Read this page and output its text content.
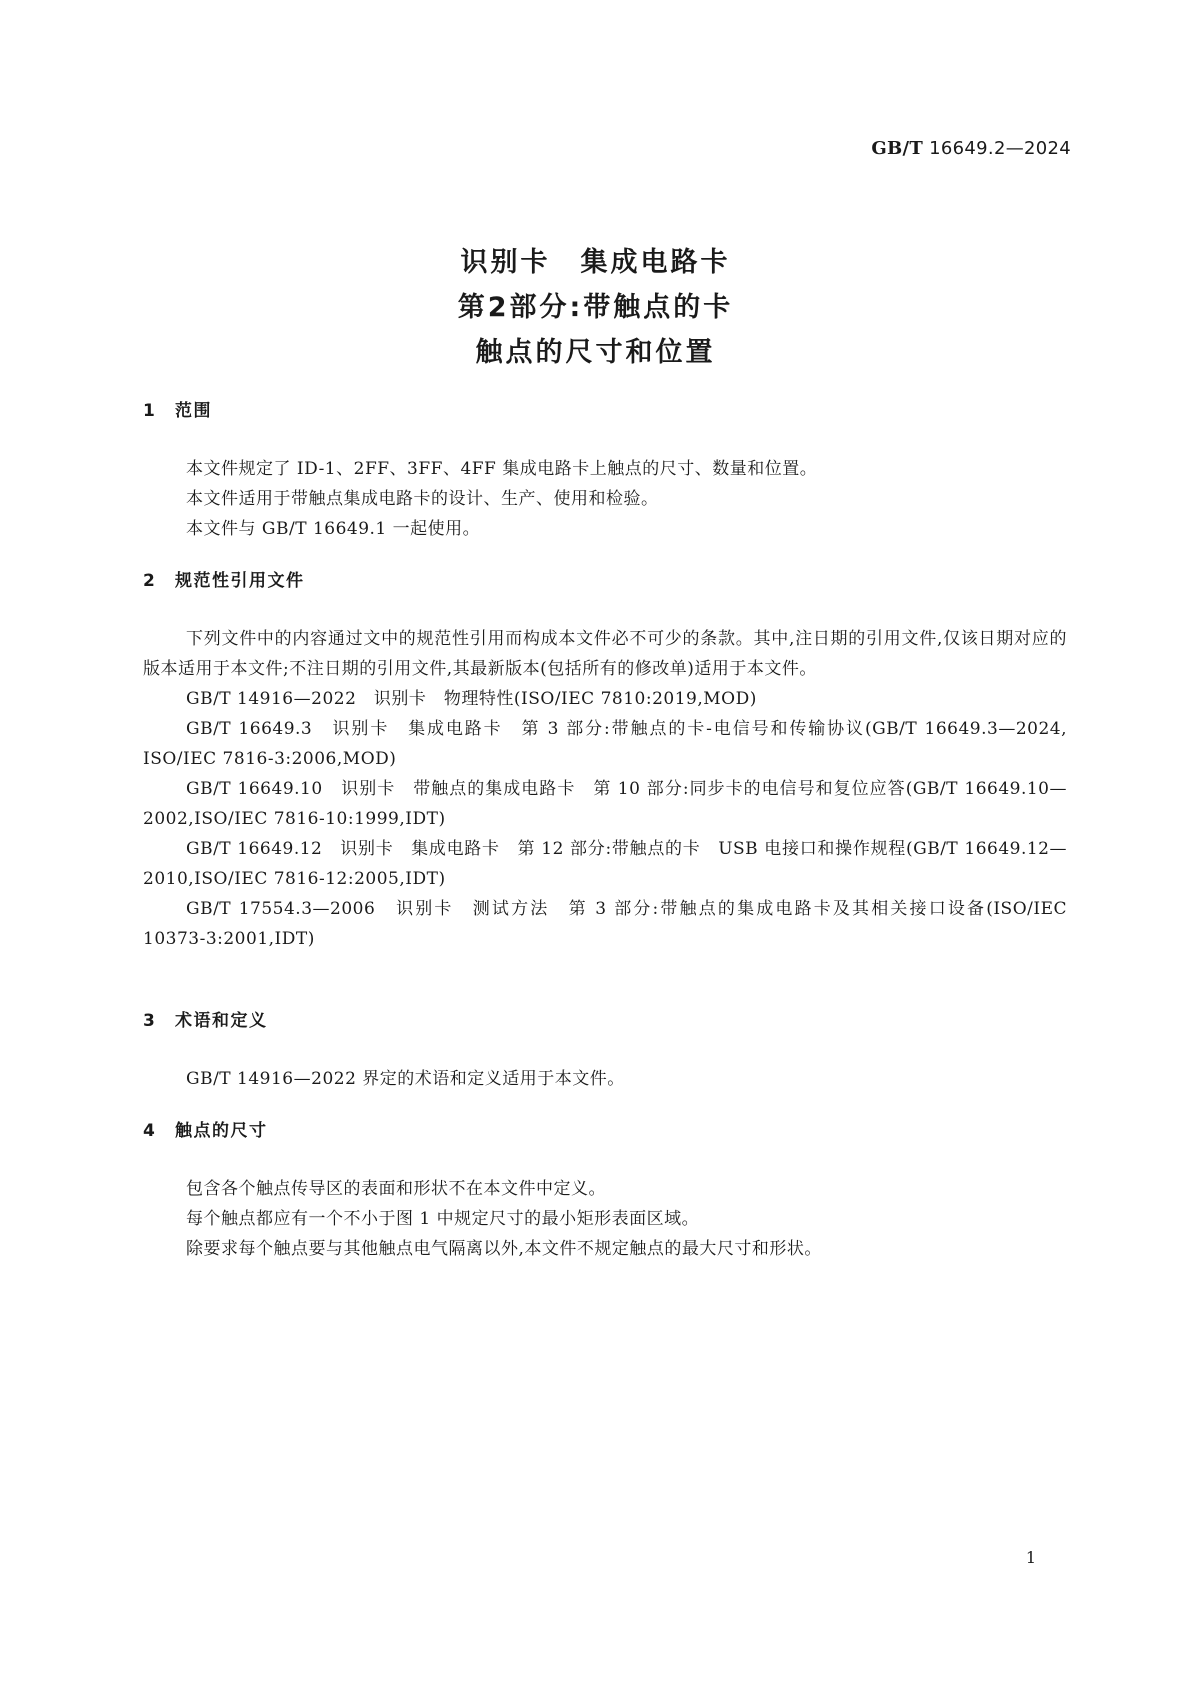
GB/T 16649.2—2024
识别卡　集成电路卡
第2部分:带触点的卡
触点的尺寸和位置
1 范围
本文件规定了 ID-1、2FF、3FF、4FF 集成电路卡上触点的尺寸、数量和位置。
本文件适用于带触点集成电路卡的设计、生产、使用和检验。
本文件与 GB/T 16649.1 一起使用。
2 规范性引用文件
下列文件中的内容通过文中的规范性引用而构成本文件必不可少的条款。其中,注日期的引用文件,仅该日期对应的版本适用于本文件;不注日期的引用文件,其最新版本(包括所有的修改单)适用于本文件。
GB/T 14916—2022　识别卡　物理特性(ISO/IEC 7810:2019,MOD)
GB/T 16649.3　识别卡　集成电路卡　第 3 部分:带触点的卡-电信号和传输协议(GB/T 16649.3—2024, ISO/IEC 7816-3:2006,MOD)
GB/T 16649.10　识别卡　带触点的集成电路卡　第 10 部分:同步卡的电信号和复位应答(GB/T 16649.10—2002,ISO/IEC 7816-10:1999,IDT)
GB/T 16649.12　识别卡　集成电路卡　第 12 部分:带触点的卡　USB 电接口和操作规程(GB/T 16649.12—2010,ISO/IEC 7816-12:2005,IDT)
GB/T 17554.3—2006　识别卡　测试方法　第 3 部分:带触点的集成电路卡及其相关接口设备(ISO/IEC 10373-3:2001,IDT)
3 术语和定义
GB/T 14916—2022 界定的术语和定义适用于本文件。
4 触点的尺寸
包含各个触点传导区的表面和形状不在本文件中定义。
每个触点都应有一个不小于图 1 中规定尺寸的最小矩形表面区域。
除要求每个触点要与其他触点电气隔离以外,本文件不规定触点的最大尺寸和形状。
1
